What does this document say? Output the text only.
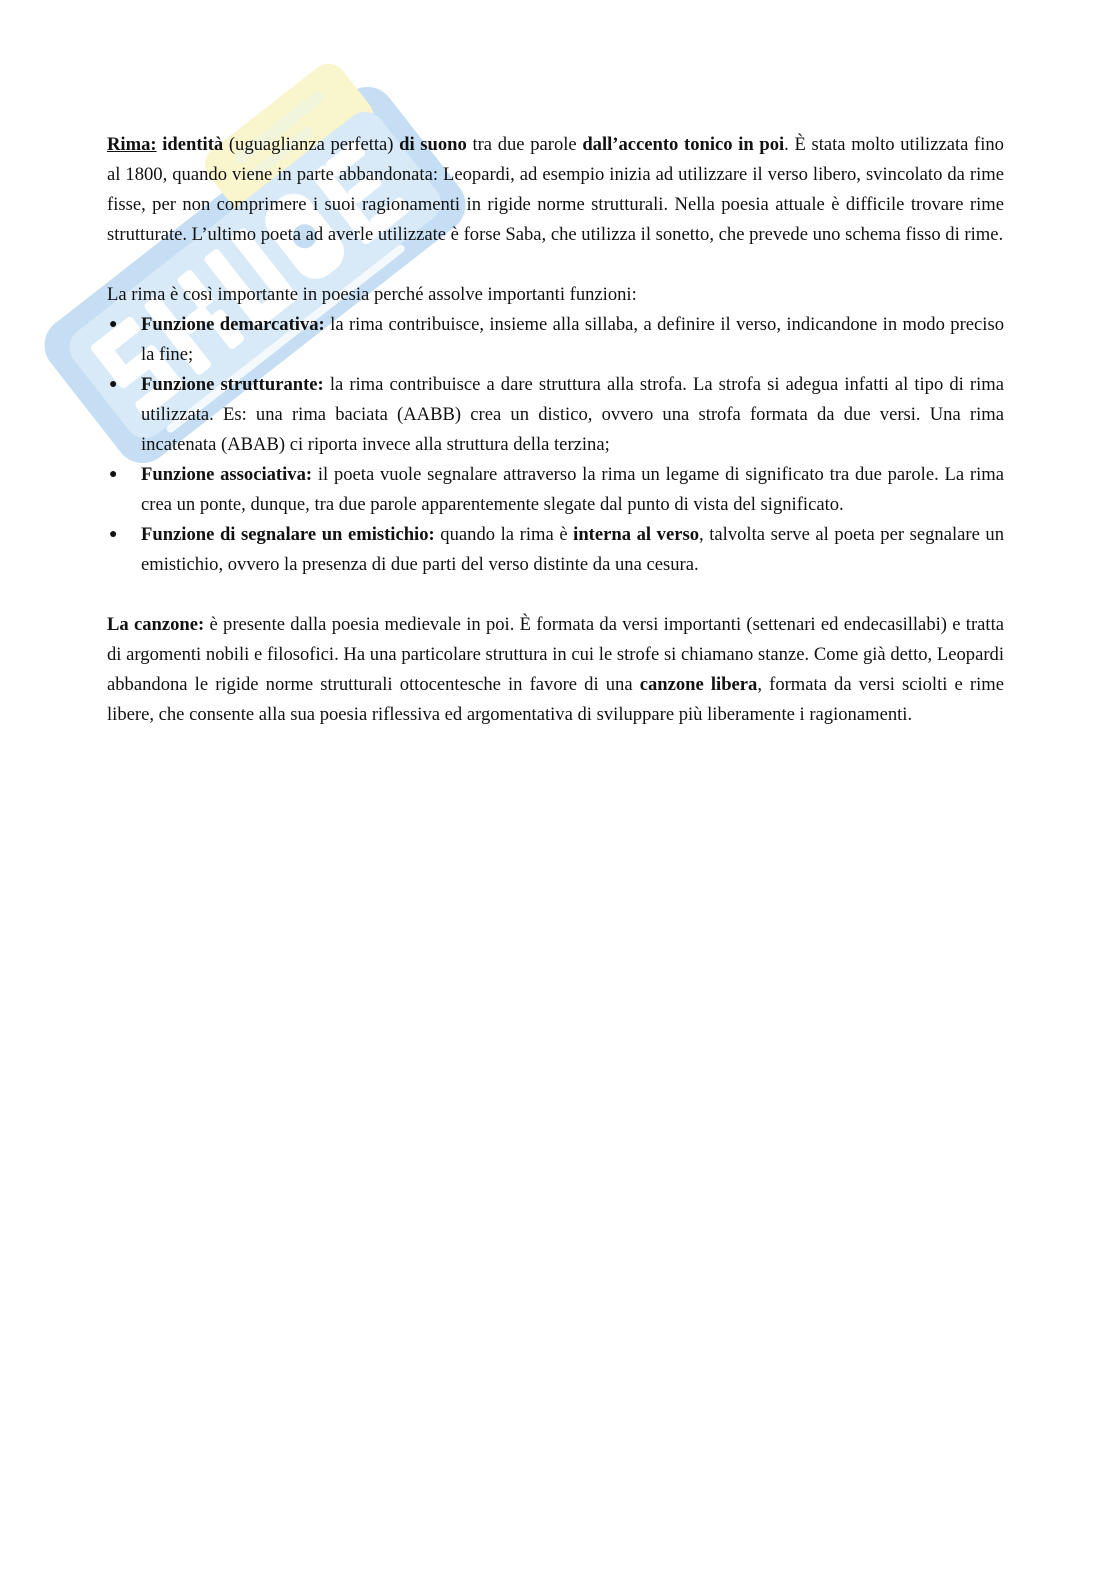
Rima: identità (uguaglianza perfetta) di suono tra due parole dall’accento tonico in poi. È stata molto utilizzata fino al 1800, quando viene in parte abbandonata: Leopardi, ad esempio inizia ad utilizzare il verso libero, svincolato da rime fisse, per non comprimere i suoi ragionamenti in rigide norme strutturali. Nella poesia attuale è difficile trovare rime strutturate. L’ultimo poeta ad averle utilizzate è forse Saba, che utilizza il sonetto, che prevede uno schema fisso di rime.

La rima è così importante in poesia perché assolve importanti funzioni:

● Funzione demarcativa: la rima contribuisce, insieme alla sillaba, a definire il verso, indicandone in modo preciso la fine;
● Funzione strutturante: la rima contribuisce a dare struttura alla strofa. La strofa si adegua infatti al tipo di rima utilizzata. Es: una rima baciata (AABB) crea un distico, ovvero una strofa formata da due versi. Una rima incatenata (ABAB) ci riporta invece alla struttura della terzina;
● Funzione associativa: il poeta vuole segnalare attraverso la rima un legame di significato tra due parole. La rima crea un ponte, dunque, tra due parole apparentemente slegate dal punto di vista del significato.
● Funzione di segnalare un emistichio: quando la rima è interna al verso, talvolta serve al poeta per segnalare un emistichio, ovvero la presenza di due parti del verso distinte da una cesura.

La canzone: è presente dalla poesia medievale in poi. È formata da versi importanti (settenari ed endecasillabi) e tratta di argomenti nobili e filosofici. Ha una particolare struttura in cui le strofe si chiamano stanze. Come già detto, Leopardi abbandona le rigide norme strutturali ottocentesche in favore di una canzone libera, formata da versi sciolti e rime libere, che consente alla sua poesia riflessiva ed argomentativa di sviluppare più liberamente i ragionamenti.
